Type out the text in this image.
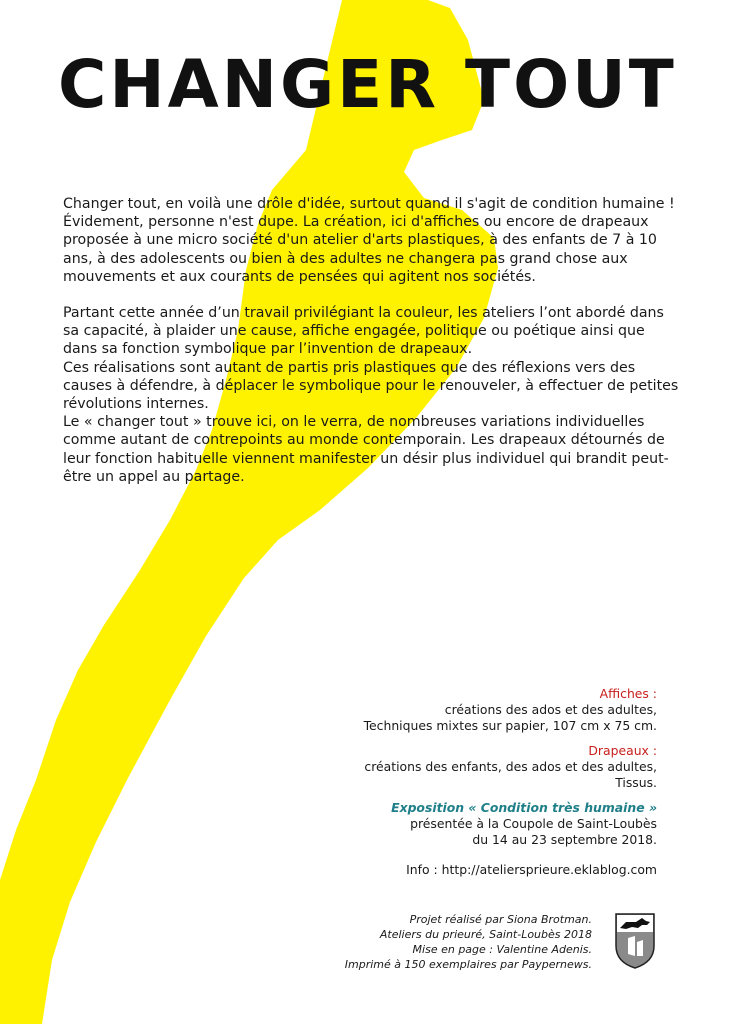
CHANGER TOUT

Changer tout, en voilà une drôle d'idée, surtout quand il s'agit de condition humaine ! Évidement, personne n'est dupe. La création, ici d'affiches ou encore de drapeaux proposée à une micro société d'un atelier d'arts plastiques, à des enfants de 7 à 10 ans, à des adolescents ou bien à des adultes ne changera pas grand chose aux mouvements et aux courants de pensées qui agitent nos sociétés.

Partant cette année d’un travail privilégiant la couleur, les ateliers l’ont abordé dans sa capacité, à plaider une cause, affiche engagée, politique ou poétique ainsi que dans sa fonction symbolique par l’invention de drapeaux.

Ces réalisations sont autant de partis pris plastiques que des réflexions vers des causes à défendre, à déplacer le symbolique pour le renouveler, à effectuer de petites révolutions internes.

Le « changer tout » trouve ici, on le verra, de nombreuses variations individuelles comme autant de contrepoints au monde contemporain. Les drapeaux détournés de leur fonction habituelle viennent manifester un désir plus individuel qui brandit peut-être un appel au partage.

Affiches :
créations des ados et des adultes,
Techniques mixtes sur papier, 107 cm x 75 cm.
Drapeaux :
créations des enfants, des ados et des adultes,
Tissus.
Exposition « Condition très humaine »
présentée à la Coupole de Saint-Loubès
du 14 au 23 septembre 2018.
Info : http://ateliersprieure.eklablog.com
Projet réalisé par Siona Brotman.
Ateliers du prieuré, Saint-Loubès 2018
Mise en page : Valentine Adenis.
Imprimé à 150 exemplaires par Paypernews.
